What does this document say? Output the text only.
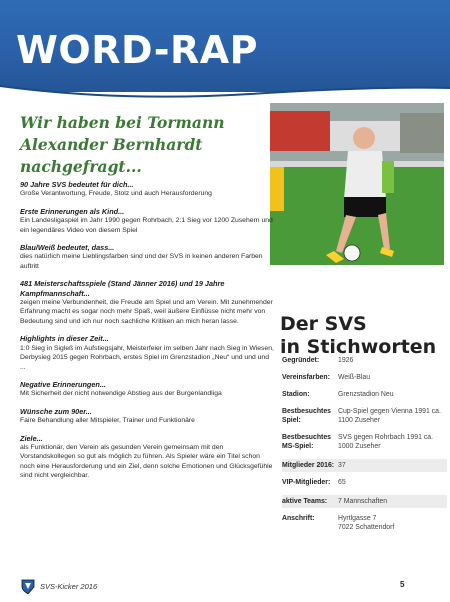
WORD-RAP
Wir haben bei Tormann
Alexander Bernhardt nachgefragt...

90 Jahre SVS bedeutet für dich...

Große Verantwortung, Freude, Stolz und auch Herausforderung

Erste Erinnerungen als Kind...

Ein Landesligaspiel im Jahr 1990 gegen Rohrbach, 2:1 Sieg vor 1200 Zusehern und ein legendäres Video von diesem Spiel

Blau/Weiß bedeutet, dass...

dies natürlich meine Lieblingsfarben sind und der SVS in keinen anderen Farben auftritt

481 Meisterschaftsspiele (Stand Jänner 2016) und 19 Jahre Kampfmannschaft...

zeigen meine Verbundenheit, die Freude am Spiel und am Verein. Mit zunehmender Erfahrung macht es sogar noch mehr Spaß, weil äußere Einflüsse nicht mehr von Bedeutung sind und ich nur noch sachliche Kritiken an mich heran lasse.

Highlights in dieser Zeit...

1:0 Sieg in Sigleß im Aufstiegsjahr, Meisterfeier im selben Jahr nach Sieg in Wiesen, Derbysieg 2015 gegen Rohrbach, erstes Spiel im Grenzstadion „Neu“ und und und ...

Negative Erinnerungen...

Mit Sicherheit der nicht notwendige Abstieg aus der Burgenlandliga

Wünsche zum 90er...

Faire Behandlung aller Mitspieler, Trainer und Funktionäre

Ziele...

als Funktionär, den Verein als gesunden Verein gemeinsam mit den Vorstandskollegen so gut als möglich zu führen. Als Spieler wäre ein Titel schon noch eine Herausforderung und ein Ziel, denn solche Emotionen und Glücksgefühle sind nicht vergleichbar.

Der SVS
in Stichworten
Gegründet:	1926
Vereinsfarben:	Weiß-Blau
Stadion:	Grenzstadion Neu
Bestbesuchtes Spiel:
Cup-Spiel gegen Vienna 1991 ca. 1100 Zuseher
Bestbesuchtes MS-Spiel:
SVS gegen Rohrbach 1991 ca. 1000 Zuseher
Mitglieder 2016: 37
VIP-Mitglieder:	65
aktive Teams:	7 Mannschaften
Anschrift:	Hyrtlgasse 7
7022 Schattendorf
SVS-Kicker 2016	5
